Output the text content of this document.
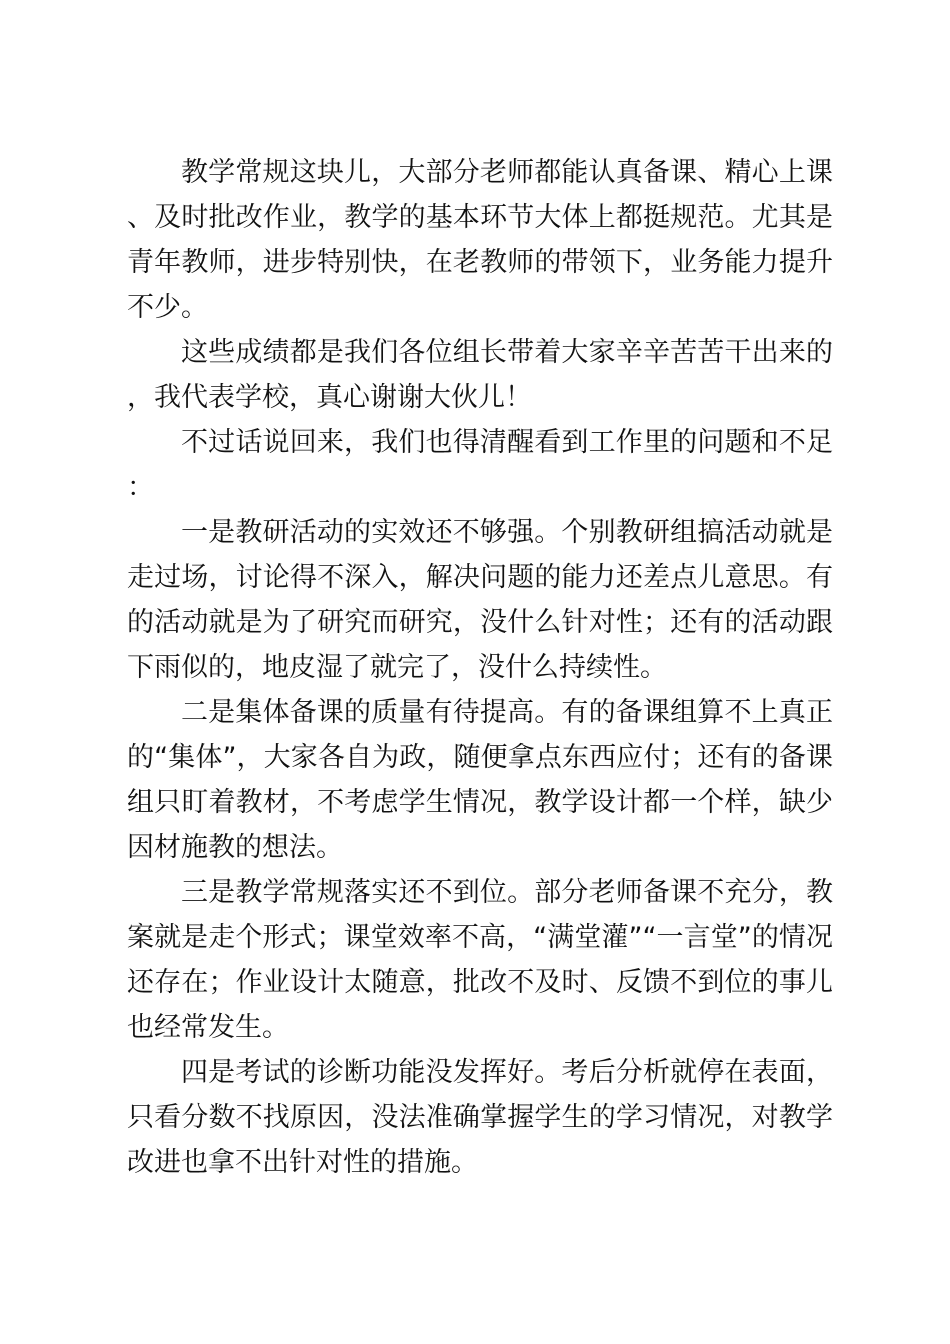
教学常规这块儿，大部分老师都能认真备课、精心上课、及时批改作业，教学的基本环节大体上都挺规范。尤其是青年教师，进步特别快，在老教师的带领下，业务能力提升不少。

这些成绩都是我们各位组长带着大家辛辛苦苦干出来的，我代表学校，真心谢谢大伙儿！

不过话说回来，我们也得清醒看到工作里的问题和不足：

一是教研活动的实效还不够强。个别教研组搞活动就是走过场，讨论得不深入，解决问题的能力还差点儿意思。有的活动就是为了研究而研究，没什么针对性；还有的活动跟下雨似的，地皮湿了就完了，没什么持续性。

二是集体备课的质量有待提高。有的备课组算不上真正的“集体”，大家各自为政，随便拿点东西应付；还有的备课组只盯着教材，不考虑学生情况，教学设计都一个样，缺少因材施教的想法。

三是教学常规落实还不到位。部分老师备课不充分，教案就是走个形式；课堂效率不高，“满堂灌”“一言堂”的情况还存在；作业设计太随意，批改不及时、反馈不到位的事儿也经常发生。

四是考试的诊断功能没发挥好。考后分析就停在表面，只看分数不找原因，没法准确掌握学生的学习情况，对教学改进也拿不出针对性的措施。
